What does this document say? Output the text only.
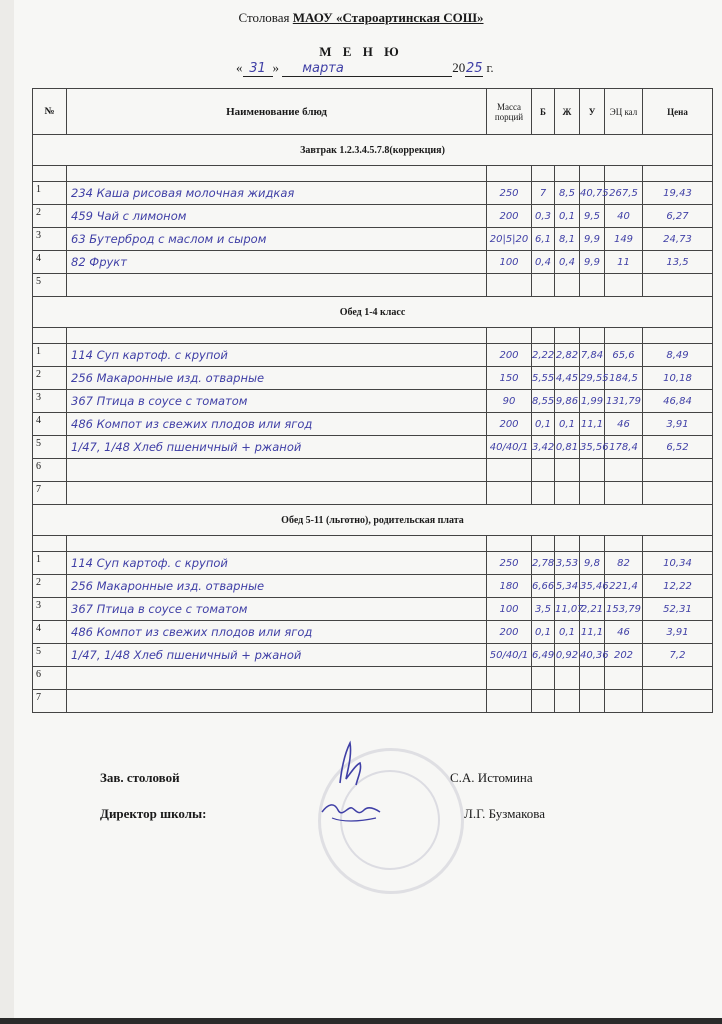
Столовая МАОУ «Староартинская СОШ»
М Е Н Ю
« 31 » марта	2025 г.
№	Наименование блюд	Масса порций	Б	Ж	У	ЭЦ кал	Цена
Завтрак 1.2.3.4.5.7.8(коррекция)							

1	234 Каша рисовая молочная жидкая	250	7	8,5	40,75	267,5	19,43
2	459 Чай с лимоном	200	0,3	0,1	9,5	40	6,27
3	63 Бутерброд с маслом и сыром	20|5|20	6,1	8,1	9,9	149	24,73
4	82 Фрукт	100	0,4	0,4	9,9	11	13,5
5							
Обед 1-4 класс							

1	114 Суп картоф. с крупой	200	2,22	2,82	7,84	65,6	8,49
2	256 Макаронные изд. отварные	150	5,55	4,45	29,55	184,5	10,18
3	367 Птица в соусе с томатом	90	8,55	9,86	1,99	131,79	46,84
4	486 Компот из свежих плодов или ягод	200	0,1	0,1	11,1	46	3,91
5	1/47, 1/48 Хлеб пшеничный + ржаной	40/40/1	3,42	0,81	35,56	178,4	6,52
6							
7							
Обед 5-11 (льготно), родительская плата							

1	114 Суп картоф. с крупой	250	2,78	3,53	9,8	82	10,34
2	256 Макаронные изд. отварные	180	6,66	5,34	35,46	221,4	12,22
3	367 Птица в соусе с томатом	100	3,5	11,07	2,21	153,79	52,31
4	486 Компот из свежих плодов или ягод	200	0,1	0,1	11,1	46	3,91
5	1/47, 1/48 Хлеб пшеничный + ржаной	50/40/1	6,49	0,92	40,36	202	7,2
6							
7							
Зав. столовой	С.А. Истомина
Директор школы:	Л.Г. Бузмакова
